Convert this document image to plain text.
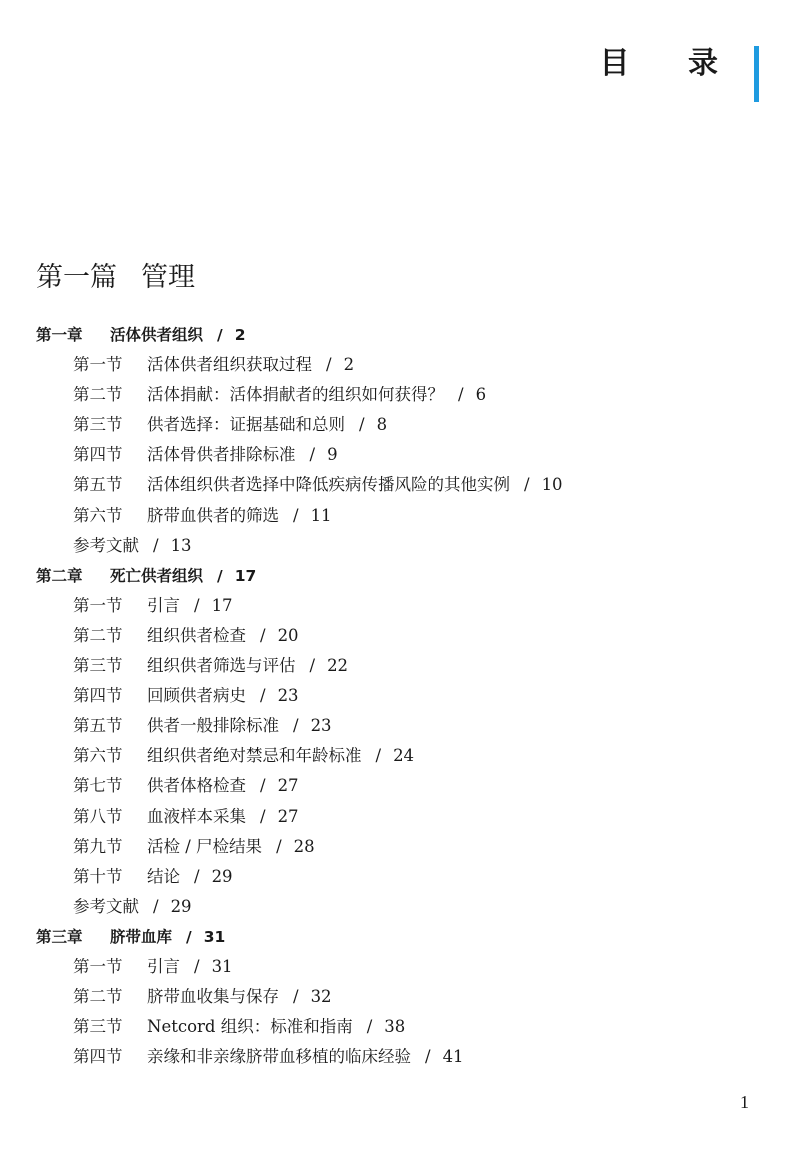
目 录
第一篇 管理
第一章 活体供者组织 / 2
第一节 活体供者组织获取过程 / 2
第二节 活体捐献：活体捐献者的组织如何获得？ / 6
第三节 供者选择：证据基础和总则 / 8
第四节 活体骨供者排除标准 / 9
第五节 活体组织供者选择中降低疾病传播风险的其他实例 / 10
第六节 脐带血供者的筛选 / 11
参考文献 / 13
第二章 死亡供者组织 / 17
第一节 引言 / 17
第二节 组织供者检查 / 20
第三节 组织供者筛选与评估 / 22
第四节 回顾供者病史 / 23
第五节 供者一般排除标准 / 23
第六节 组织供者绝对禁忌和年龄标准 / 24
第七节 供者体格检查 / 27
第八节 血液样本采集 / 27
第九节 活检 / 尸检结果 / 28
第十节 结论 / 29
参考文献 / 29
第三章 脐带血库 / 31
第一节 引言 / 31
第二节 脐带血收集与保存 / 32
第三节 Netcord 组织：标准和指南 / 38
第四节 亲缘和非亲缘脐带血移植的临床经验 / 41
1
